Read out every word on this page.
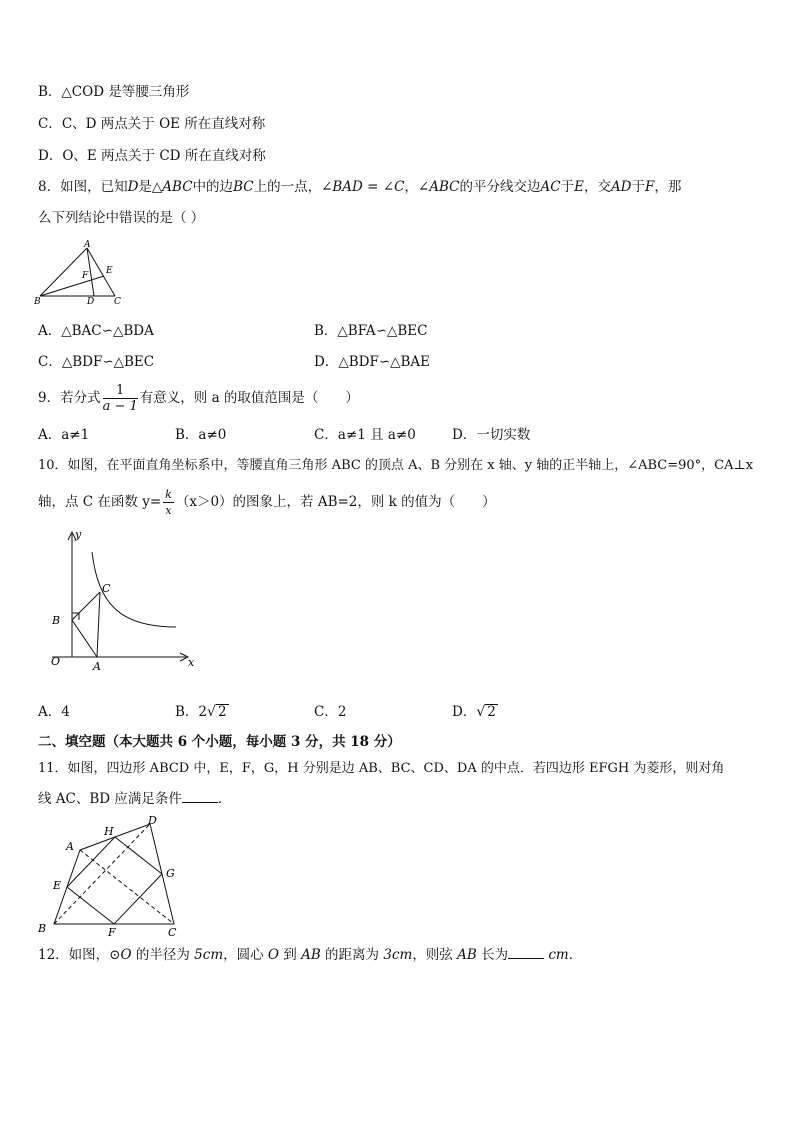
B．△COD 是等腰三角形
C．C、D 两点关于 OE 所在直线对称
D．O、E 两点关于 CD 所在直线对称
8．如图，已知D是△ABC中的边BC上的一点，∠BAD = ∠C，∠ABC的平分线交边AC于E，交AD于F，那
么下列结论中错误的是（ ）
A
B	C
D
E
F
A．△BAC∽△BDA	B．△BFA∽△BEC
C．△BDF∽△BEC	D．△BDF∽△BAE
9．若分式 $\frac{1}{a - 1}$ 有意义，则 a 的取值范围是（　　）
A．a≠1	B．a≠0	C．a≠1 且 a≠0	D．一切实数
10．如图，在平面直角坐标系中，等腰直角三角形 ABC 的顶点 A、B 分别在 x 轴、y 轴的正半轴上，∠ABC=90°，CA⊥x
轴，点 C 在函数 $y= \frac{k}{x} (x>0)$的图象上，若 AB=2，则 k 的值为（　　）
y
x
O	A
B
C
A．4	B．2√ 2	C．2	D．√ 2
二、填空题（本大题共 6 个小题，每小题 3 分，共 18 分）
11．如图，四边形 ABCD 中，E，F，G，H 分别是边 AB、BC、CD、DA 的中点．若四边形 EFGH 为菱形，则对角
线 AC、BD 应满足条件	．
A
H
D
E
G
B	F	C
12．如图，⊙O 的半径为 5cm，圆心 O 到 AB 的距离为 3cm，则弦 AB 长为	cm．
